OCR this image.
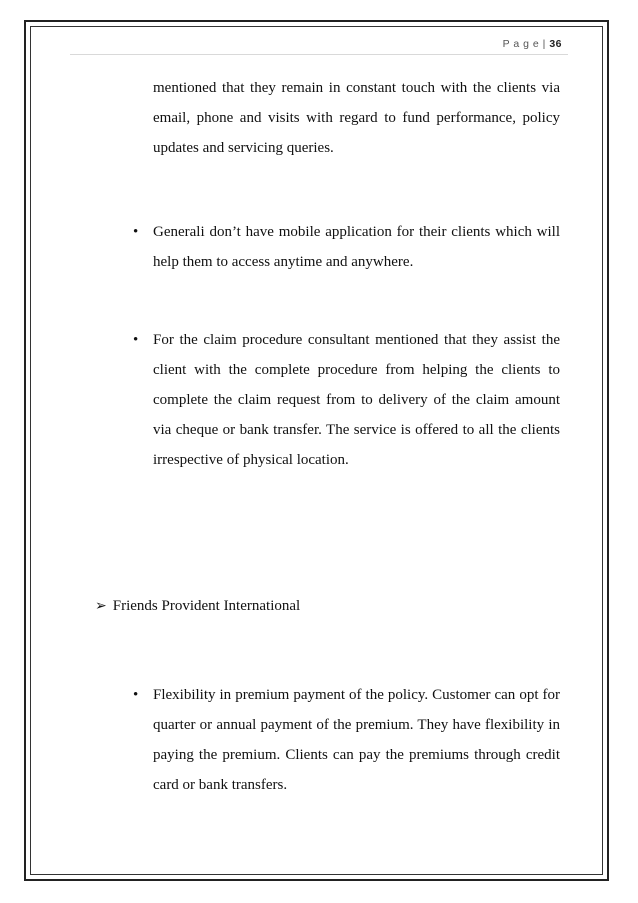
P a g e | 36
mentioned that they remain in constant touch with the clients via email, phone and visits with regard to fund performance, policy updates and servicing queries.
• Generali don’t have mobile application for their clients which will help them to access anytime and anywhere.
• For the claim procedure consultant mentioned that they assist the client with the complete procedure from helping the clients to complete the claim request from to delivery of the claim amount via cheque or bank transfer. The service is offered to all the clients irrespective of physical location.
➢ Friends Provident International
• Flexibility in premium payment of the policy. Customer can opt for quarter or annual payment of the premium. They have flexibility in paying the premium. Clients can pay the premiums through credit card or bank transfers.
